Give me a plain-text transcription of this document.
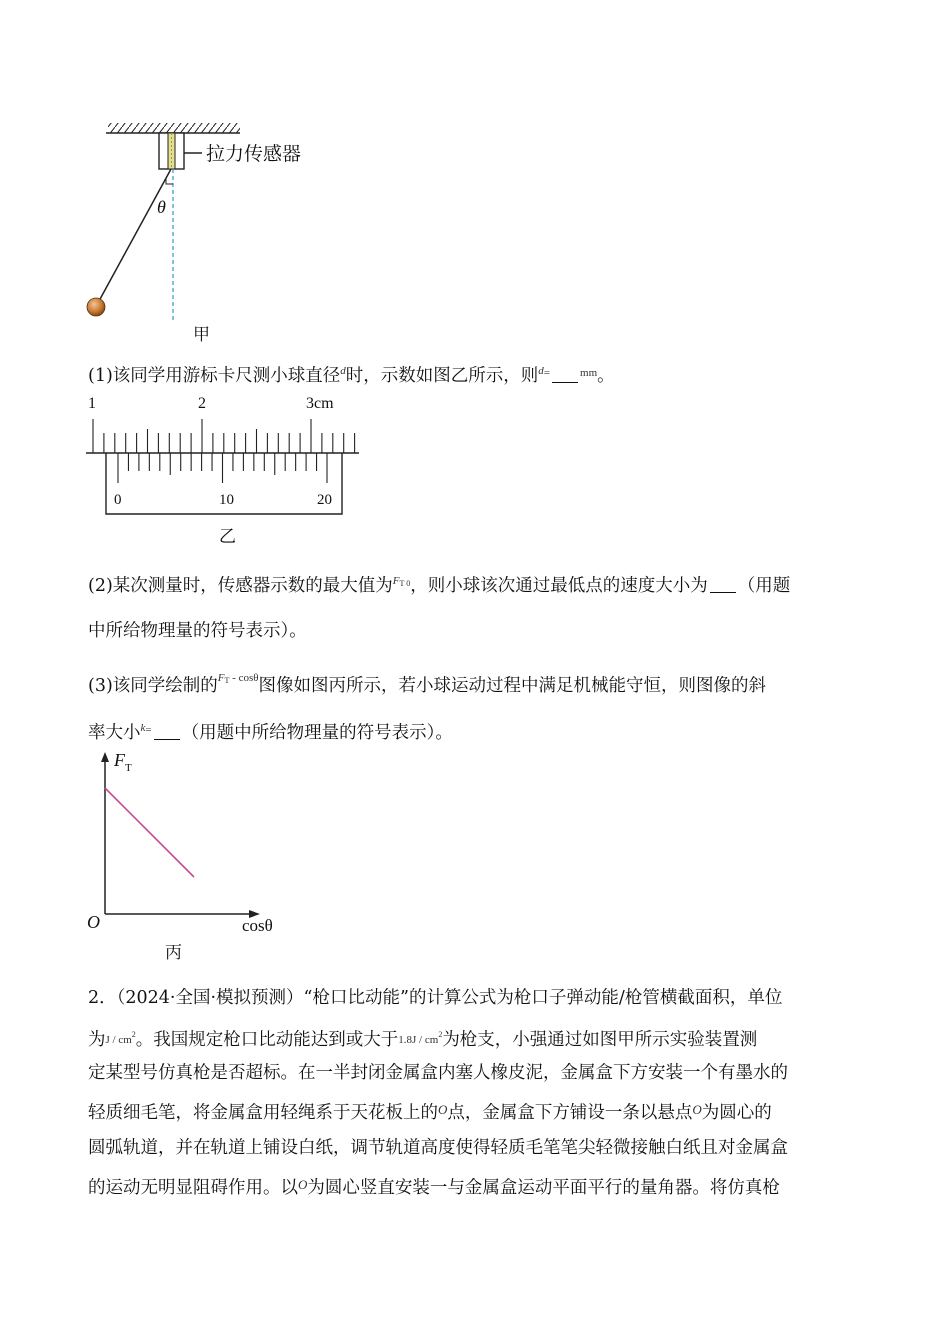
拉力传感器
θ
甲
(1)该同学用游标卡尺测小球直径$^d$时，示数如图乙所示，则$^{d=}$	$^{mm}$。
1	2	3cm
0	10	20
乙
(2)某次测量时，传感器示数的最大值为$^{F_{T 0}}$，则小球该次通过最低点的速度大小为 （用题
中所给物理量的符号表示）。
(3)该同学绘制的$^{F_T - cos\theta}$图像如图丙所示，若小球运动过程中满足机械能守恒，则图像的斜
率大小$^{k=}$ （用题中所给物理量的符号表示）。
$F_T$
cosθ
O
丙
2．（2024·全国·模拟预测）“枪口比动能”的计算公式为枪口子弹动能/枪管横截面积，单位
为J / $cm^2$。我国规定枪口比动能达到或大于$1.8J / cm^2$为枪支，小强通过如图甲所示实验装置测
定某型号仿真枪是否超标。在一半封闭金属盒内塞人橡皮泥，金属盒下方安装一个有墨水的
轻质细毛笔，将金属盒用轻绳系于天花板上的$^O$点，金属盒下方铺设一条以悬点$^O$为圆心的
圆弧轨道，并在轨道上铺设白纸，调节轨道高度使得轻质毛笔笔尖轻微接触白纸且对金属盒
的运动无明显阻碍作用。以$^O$为圆心竖直安装一与金属盒运动平面平行的量角器。将仿真枪
